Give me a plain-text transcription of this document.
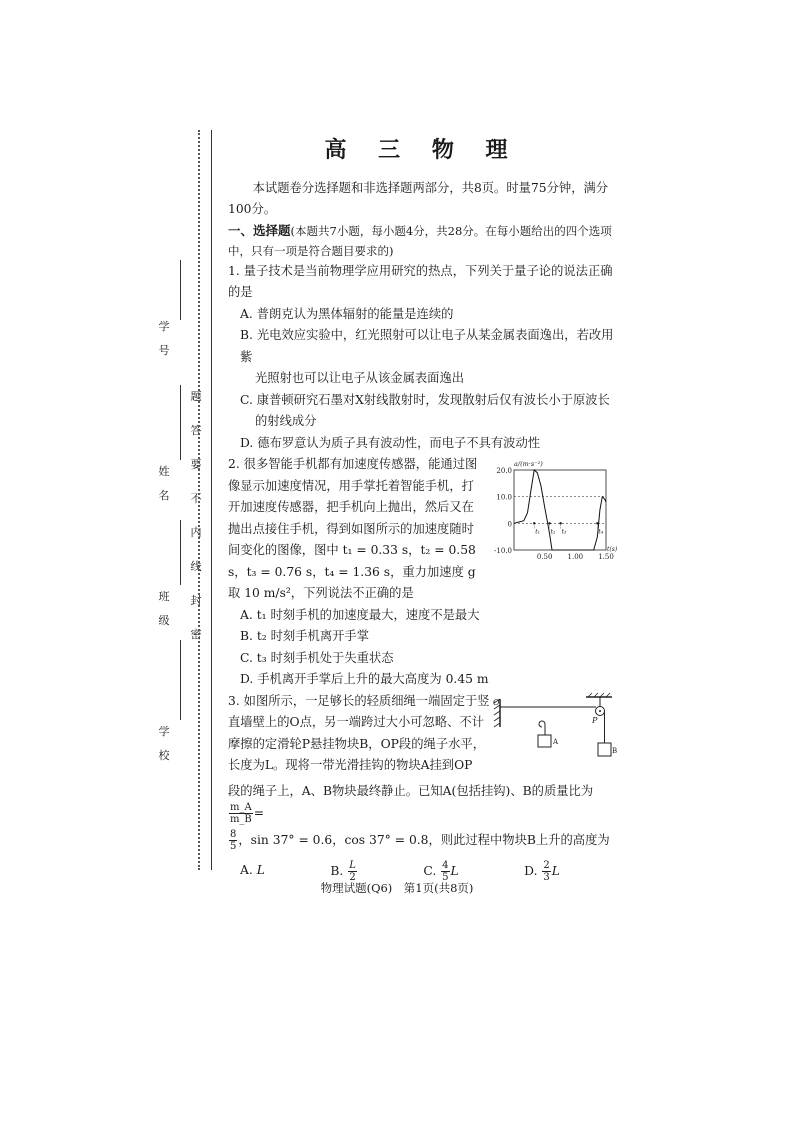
学
号
姓
名
班
级
学
校
题
答
要
不
内
线
封
密
高 三 物 理

本试题卷分选择题和非选择题两部分，共8页。时量75分钟，满分100分。

一、选择题(本题共7小题，每小题4分，共28分。在每小题给出的四个选项中，只有一项是符合题目要求的)

1. 量子技术是当前物理学应用研究的热点，下列关于量子论的说法正确的是

A. 普朗克认为黑体辐射的能量是连续的

B. 光电效应实验中，红光照射可以让电子从某金属表面逸出，若改用紫

光照射也可以让电子从该金属表面逸出

C. 康普顿研究石墨对X射线散射时，发现散射后仅有波长小于原波长

的射线成分

D. 德布罗意认为质子具有波动性，而电子不具有波动性

2. 很多智能手机都有加速度传感器，能通过图像显示加速度情况，用手掌托着智能手机，打开加速度传感器，把手机向上抛出，然后又在抛出点接住手机，得到如图所示的加速度随时间变化的图像，图中 t₁ = 0.33 s，t₂ = 0.58 s，t₃ = 0.76 s，t₄ = 1.36 s，重力加速度 g 取 10 m/s²，下列说法不正确的是

20.0
10.0
0
-10.0
0.50 1.00 1.50
a/(m·s⁻²)
t(s)
t₁ t₂ t₃	t₄

A. t₁ 时刻手机的加速度最大，速度不是最大

B. t₂ 时刻手机离开手掌

C. t₃ 时刻手机处于失重状态

D. 手机离开手掌后上升的最大高度为 0.45 m

3. 如图所示，一足够长的轻质细绳一端固定于竖直墙壁上的O点，另一端跨过大小可忽略、不计摩擦的定滑轮P悬挂物块B，OP段的绳子水平，长度为L。现将一带光滑挂钩的物块A挂到OP

O
P
A
B

段的绳子上，A、B物块最终静止。已知A(包括挂钩)、B的质量比为
$\frac{m\_A}{m\_B}$ =

$\frac{8}{5}$ ，sin 37° = 0.6，cos 37° = 0.8，则此过程中物块B上升的高度为

A. L	B. $\frac{L}{2}$	C. $\frac{4}{5}$ L	D. $\frac{2}{3}$ L
物理试题(Q6)　第1页(共8页)
